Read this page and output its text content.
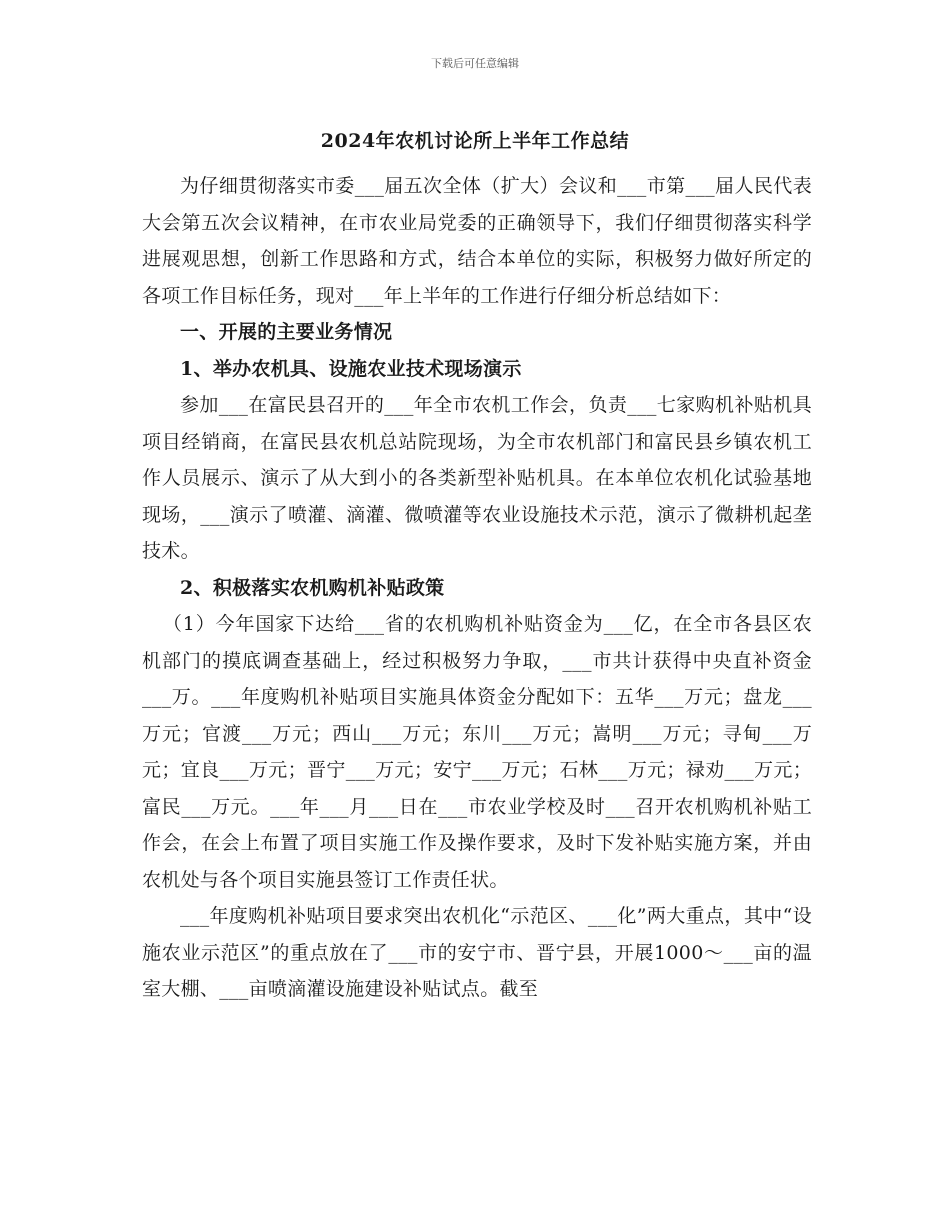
下载后可任意编辑
2024年农机讨论所上半年工作总结

为仔细贯彻落实市委___届五次全体（扩大）会议和___市第___届人民代表大会第五次会议精神，在市农业局党委的正确领导下，我们仔细贯彻落实科学进展观思想，创新工作思路和方式，结合本单位的实际，积极努力做好所定的各项工作目标任务，现对___年上半年的工作进行仔细分析总结如下：

一、开展的主要业务情况
1、举办农机具、设施农业技术现场演示

参加___在富民县召开的___年全市农机工作会，负责___七家购机补贴机具项目经销商，在富民县农机总站院现场，为全市农机部门和富民县乡镇农机工作人员展示、演示了从大到小的各类新型补贴机具。在本单位农机化试验基地现场，___演示了喷灌、滴灌、微喷灌等农业设施技术示范，演示了微耕机起垄技术。

2、积极落实农机购机补贴政策

（1）今年国家下达给___省的农机购机补贴资金为___亿，在全市各县区农机部门的摸底调查基础上，经过积极努力争取，___市共计获得中央直补资金___万。___年度购机补贴项目实施具体资金分配如下：五华___万元；盘龙___万元；官渡___万元；西山___万元；东川___万元；嵩明___万元；寻甸___万元；宜良___万元；晋宁___万元；安宁___万元；石林___万元；禄劝___万元；富民___万元。___年___月___日在___市农业学校及时___召开农机购机补贴工作会，在会上布置了项目实施工作及操作要求，及时下发补贴实施方案，并由农机处与各个项目实施县签订工作责任状。

___年度购机补贴项目要求突出农机化“示范区、___化”两大重点，其中“设施农业示范区”的重点放在了___市的安宁市、晋宁县，开展1000～___亩的温室大棚、___亩喷滴灌设施建设补贴试点。截至
